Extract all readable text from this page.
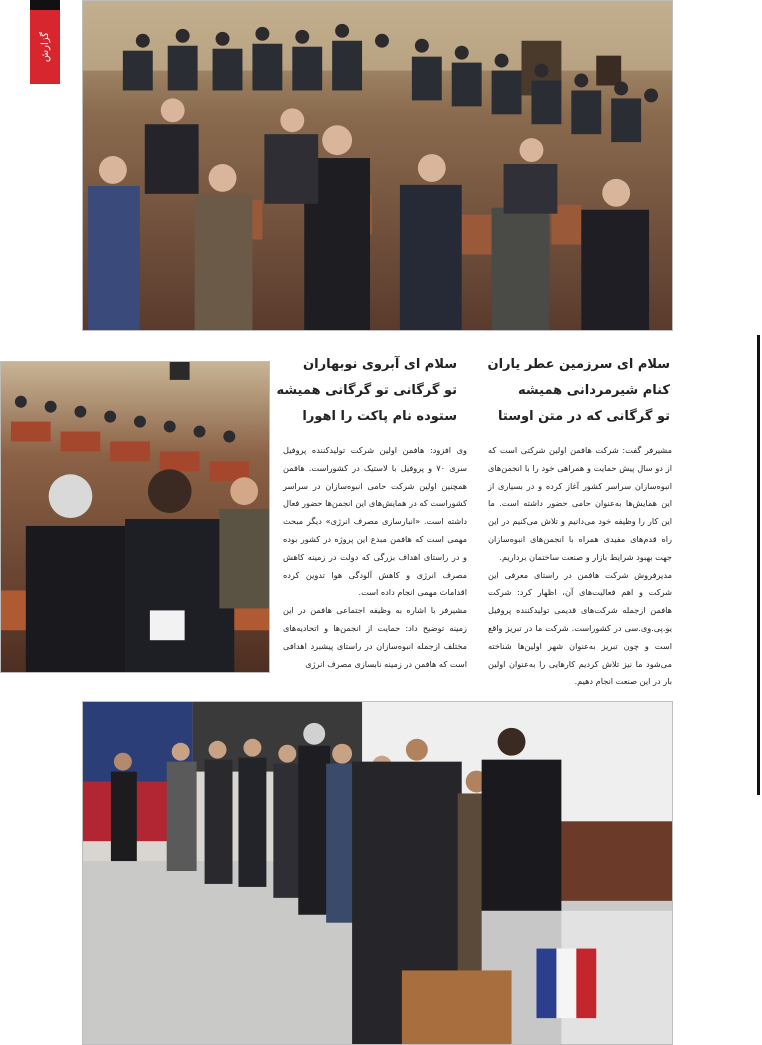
گزارش
سلام ای سرزمین عطر یاران
کنام شیرمردانی همیشه
تو گرگانی که در متن اوستا
سلام ای آبروی نوبهاران
تو گرگانی تو گرگانی همیشه
ستوده نام پاکت را اهورا

مشیرفر گفت: شرکت هافمن اولین شرکتی است که از دو سال پیش حمایت و همراهی خود را با انجمن‌های انبوه‌سازان سراسر کشور آغاز کرده و در بسیاری از این همایش‌ها به‌عنوان حامی حضور داشته است. ما این کار را وظیفه خود می‌دانیم و تلاش می‌کنیم در این راه قدم‌های مفیدی همراه با انجمن‌های انبوه‌سازان جهت بهبود شرایط بازار و صنعت ساختمان برداریم.

مدیرفروش شرکت هافمن در راستای معرفی این شرکت و اهم فعالیت‌های آن، اظهار کرد: شرکت هافمن ازجمله شرکت‌های قدیمی تولیدکننده پروفیل یو.پی.وی.سی در کشوراست. شرکت ما در تبریز واقع است و چون تبریز به‌عنوان شهر اولین‌ها شناخته می‌شود ما نیز تلاش کردیم کارهایی را به‌عنوان اولین بار در این صنعت انجام دهیم.

وی افزود: هافمن اولین شرکت تولیدکننده پروفیل سری ۷۰ و پروفیل با لاستیک در کشوراست. هافمن همچنین اولین شرکت حامی انبوه‌سازان در سراسر کشوراست که در همایش‌های این انجمن‌ها حضور فعال داشته است. «انبارسازی مصرف انرژی» دیگر مبحث مهمی است که هافمن مبدع این پروژه در کشور بوده و در راستای اهداف بزرگی که دولت در زمینه کاهش مصرف انرژی و کاهش آلودگی هوا تدوین کرده اقدامات مهمی انجام داده است.

مشیرفر با اشاره به وظیفه اجتماعی هافمن در این زمینه توضیح داد: حمایت از انجمن‌ها و اتحادیه‌های مختلف ازجمله انبوه‌سازان در راستای پیشبرد اهدافی است که هافمن در زمینه نابسازی مصرف انرژی
